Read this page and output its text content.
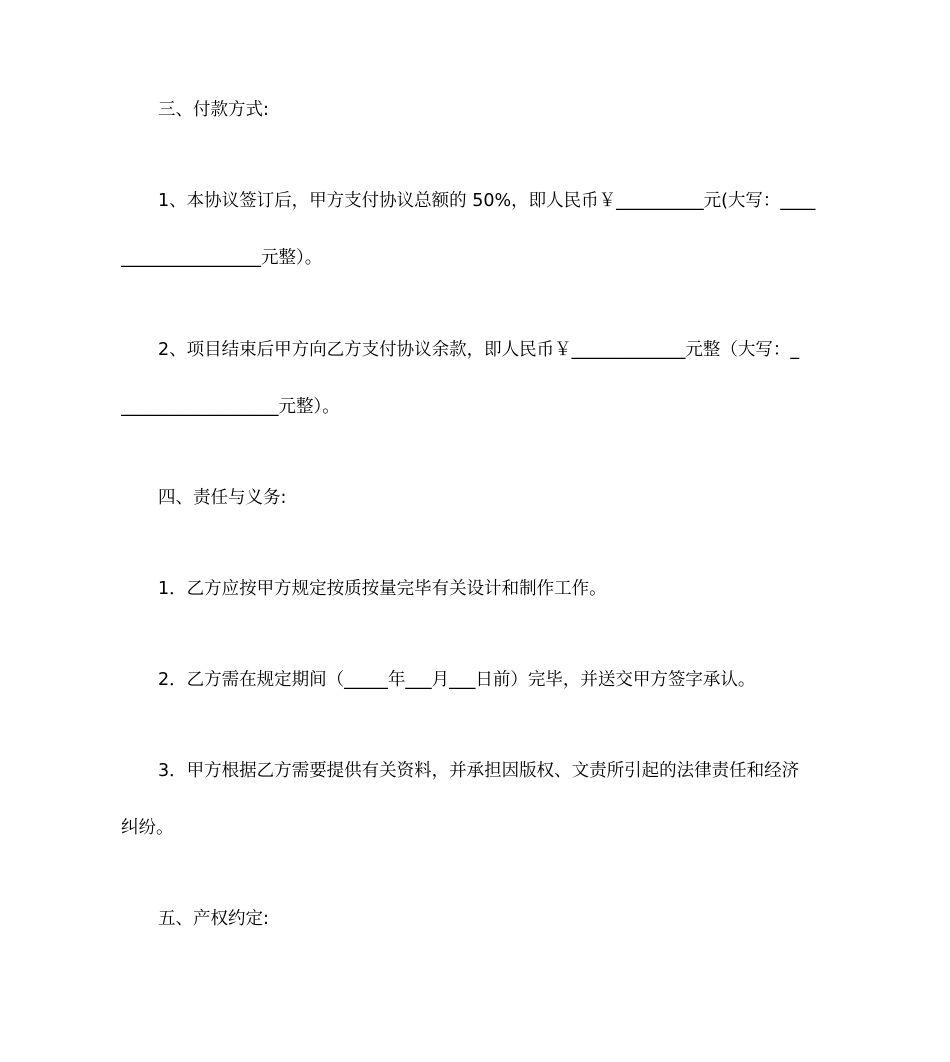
三、付款方式:
1、本协议签订后，甲方支付协议总额的 50%，即人民币￥__________元(大写：____
________________元整）。
2、项目结束后甲方向乙方支付协议余款，即人民币￥_____________元整（大写：_
__________________元整）。
四、责任与义务:
1．乙方应按甲方规定按质按量完毕有关设计和制作工作。
2．乙方需在规定期间（_____年___月___日前）完毕，并送交甲方签字承认。
3．甲方根据乙方需要提供有关资料，并承担因版权、文责所引起的法律责任和经济
纠纷。
五、产权约定:
